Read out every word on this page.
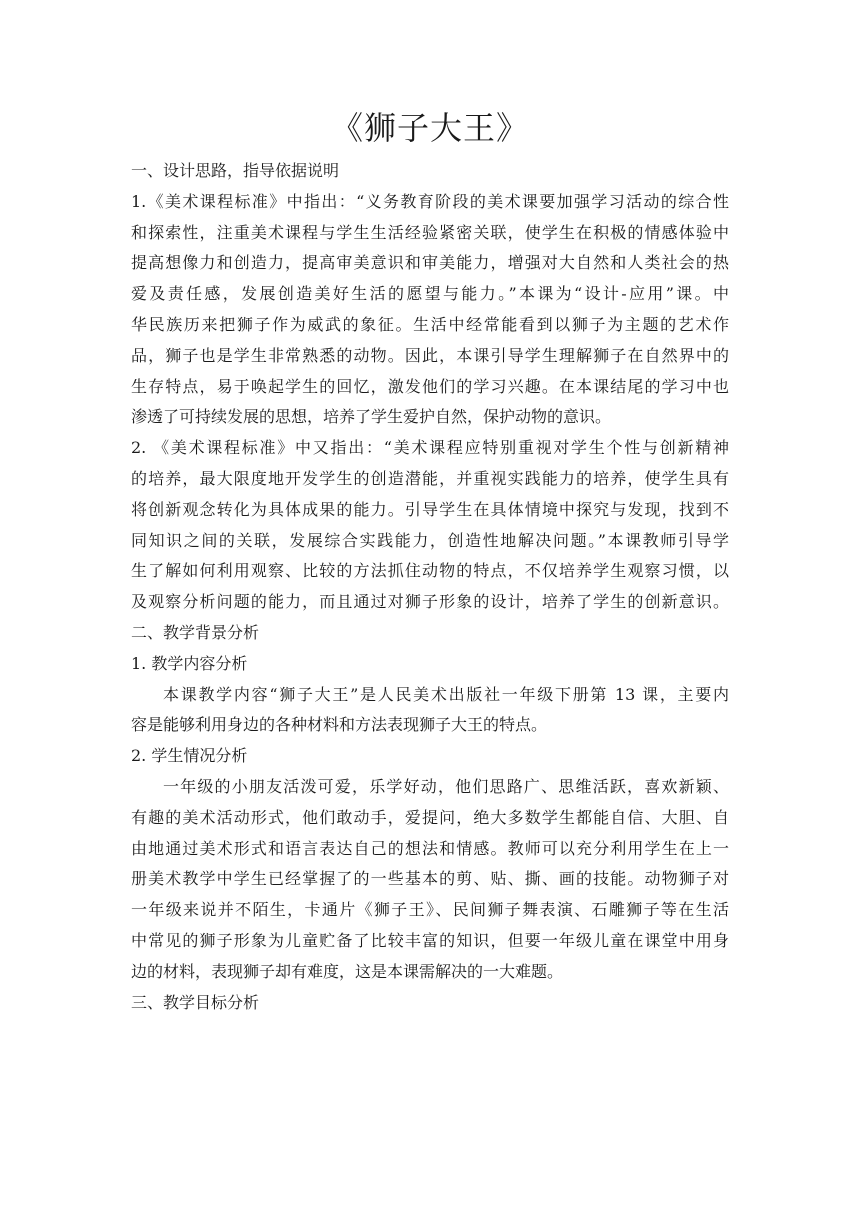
《狮子大王》
一、设计思路，指导依据说明
1.《美术课程标准》中指出：“义务教育阶段的美术课要加强学习活动的综合性
和探索性，注重美术课程与学生生活经验紧密关联，使学生在积极的情感体验中
提高想像力和创造力，提高审美意识和审美能力，增强对大自然和人类社会的热
爱及责任感，发展创造美好生活的愿望与能力。”本课为“设计-应用”课。中
华民族历来把狮子作为威武的象征。生活中经常能看到以狮子为主题的艺术作
品，狮子也是学生非常熟悉的动物。因此，本课引导学生理解狮子在自然界中的
生存特点，易于唤起学生的回忆，激发他们的学习兴趣。在本课结尾的学习中也
渗透了可持续发展的思想，培养了学生爱护自然，保护动物的意识。
2. 《美术课程标准》中又指出：“美术课程应特别重视对学生个性与创新精神
的培养，最大限度地开发学生的创造潜能，并重视实践能力的培养，使学生具有
将创新观念转化为具体成果的能力。引导学生在具体情境中探究与发现，找到不
同知识之间的关联，发展综合实践能力，创造性地解决问题。”本课教师引导学
生了解如何利用观察、比较的方法抓住动物的特点，不仅培养学生观察习惯，以
及观察分析问题的能力，而且通过对狮子形象的设计，培养了学生的创新意识。
二、教学背景分析
1. 教学内容分析
本课教学内容“狮子大王”是人民美术出版社一年级下册第 13 课，主要内
容是能够利用身边的各种材料和方法表现狮子大王的特点。
2. 学生情况分析
一年级的小朋友活泼可爱，乐学好动，他们思路广、思维活跃，喜欢新颖、
有趣的美术活动形式，他们敢动手，爱提问，绝大多数学生都能自信、大胆、自
由地通过美术形式和语言表达自己的想法和情感。教师可以充分利用学生在上一
册美术教学中学生已经掌握了的一些基本的剪、贴、撕、画的技能。动物狮子对
一年级来说并不陌生，卡通片《狮子王》、民间狮子舞表演、石雕狮子等在生活
中常见的狮子形象为儿童贮备了比较丰富的知识，但要一年级儿童在课堂中用身
边的材料，表现狮子却有难度，这是本课需解决的一大难题。
三、教学目标分析
